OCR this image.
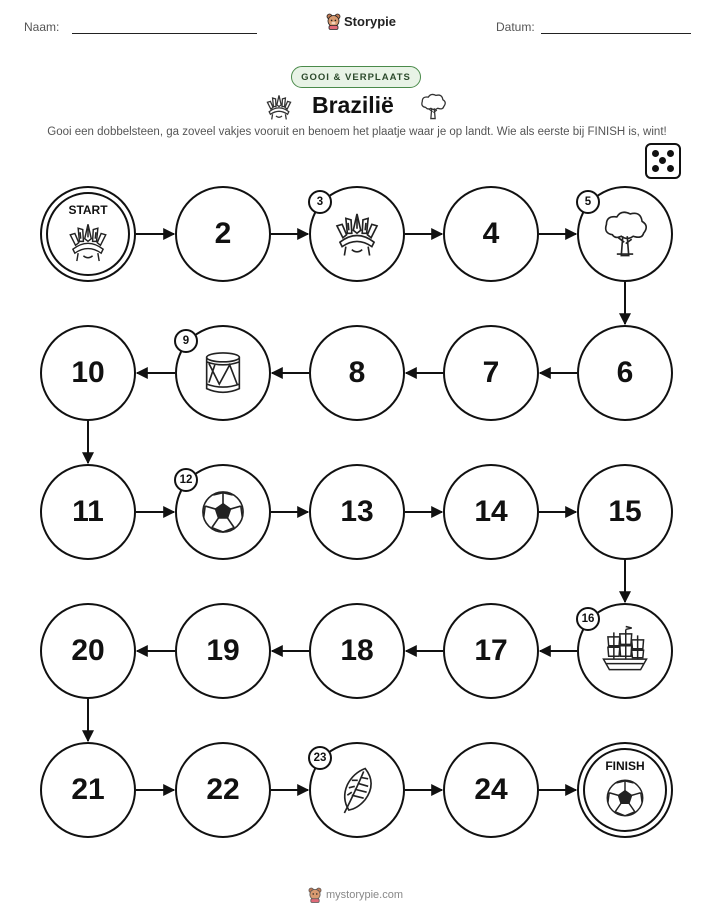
Naam:	Storypie	Datum:
GOOI & VERPLAATS
Brazilië
Gooi een dobbelsteen, ga zoveel vakjes vooruit en benoem het plaatje waar je op landt. Wie als eerste bij FINISH is, wint!
START
2
3
4
5
6
7
8
9
10
11
12
13	14	15
16
17
18
19
20
21	22
23
24
FINISH
mystorypie.com
